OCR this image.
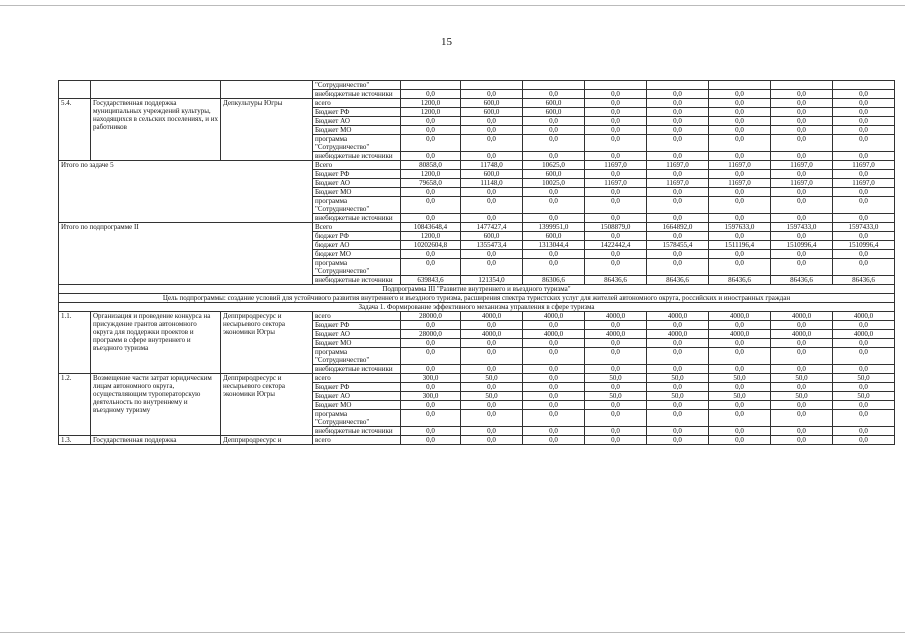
15
			"Сотрудничество"								
			внебюджетные источники	0,0	0,0	0,0	0,0	0,0	0,0	0,0	0,0
5.4.	Государственная поддержка муниципальных учреждений культуры, находящихся в сельских поселениях, и их работников	Депкультуры Югры	всего	1200,0	600,0	600,0	0,0	0,0	0,0	0,0	0,0
			Бюджет РФ	1200,0	600,0	600,0	0,0	0,0	0,0	0,0	0,0
			Бюджет АО	0,0	0,0	0,0	0,0	0,0	0,0	0,0	0,0
			Бюджет МО	0,0	0,0	0,0	0,0	0,0	0,0	0,0	0,0
			программа "Сотрудничество"	0,0	0,0	0,0	0,0	0,0	0,0	0,0	0,0
			внебюджетные источники	0,0	0,0	0,0	0,0	0,0	0,0	0,0	0,0
Итого по задаче 5			Всего	80858,0	11748,0	10625,0	11697,0	11697,0	11697,0	11697,0	11697,0
			Бюджет РФ	1200,0	600,0	600,0	0,0	0,0	0,0	0,0	0,0
			Бюджет АО	79658,0	11148,0	10025,0	11697,0	11697,0	11697,0	11697,0	11697,0
			Бюджет МО	0,0	0,0	0,0	0,0	0,0	0,0	0,0	0,0
			программа "Сотрудничество"	0,0	0,0	0,0	0,0	0,0	0,0	0,0	0,0
			внебюджетные источники	0,0	0,0	0,0	0,0	0,0	0,0	0,0	0,0
Итого по подпрограмме II			Всего	10843648,4	1477427,4	1399951,0	1508879,0	1664892,0	1597633,0	1597433,0	1597433,0
			бюджет РФ	1200,0	600,0	600,0	0,0	0,0	0,0	0,0	0,0
			бюджет АО	10202604,8	1355473,4	1313044,4	1422442,4	1578455,4	1511196,4	1510996,4	1510996,4
			бюджет МО	0,0	0,0	0,0	0,0	0,0	0,0	0,0	0,0
			программа "Сотрудничество"	0,0	0,0	0,0	0,0	0,0	0,0	0,0	0,0
			внебюджетные источники	639843,6	121354,0	86306,6	86436,6	86436,6	86436,6	86436,6	86436,6
Подпрограмма III "Развитие внутреннего и въездного туризма"											
Цель подпрограммы: создание условий для устойчивого развития внутреннего и въездного туризма, расширения спектра туристских услуг для жителей автономного округа, российских и иностранных граждан											
Задача 1. Формирование эффективного механизма управления в сфере туризма											
1.1.	Организация и проведение конкурса на присуждение грантов автономного округа для поддержки проектов и программ в сфере внутреннего и въездного туризма	Депприродресурс и несырьевого сектора экономики Югры	всего	28000,0	4000,0	4000,0	4000,0	4000,0	4000,0	4000,0	4000,0
			Бюджет РФ	0,0	0,0	0,0	0,0	0,0	0,0	0,0	0,0
			Бюджет АО	28000,0	4000,0	4000,0	4000,0	4000,0	4000,0	4000,0	4000,0
			Бюджет МО	0,0	0,0	0,0	0,0	0,0	0,0	0,0	0,0
			программа "Сотрудничество"	0,0	0,0	0,0	0,0	0,0	0,0	0,0	0,0
			внебюджетные источники	0,0	0,0	0,0	0,0	0,0	0,0	0,0	0,0
1.2.	Возмещение части затрат юридическим лицам автономного округа, осуществляющим туроператорскую деятельность по внутреннему и въездному туризму	Депприродресурс и несырьевого сектора экономики Югры	всего	300,0	50,0	0,0	50,0	50,0	50,0	50,0	50,0
			Бюджет РФ	0,0	0,0	0,0	0,0	0,0	0,0	0,0	0,0
			Бюджет АО	300,0	50,0	0,0	50,0	50,0	50,0	50,0	50,0
			Бюджет МО	0,0	0,0	0,0	0,0	0,0	0,0	0,0	0,0
			программа "Сотрудничество"	0,0	0,0	0,0	0,0	0,0	0,0	0,0	0,0
			внебюджетные источники	0,0	0,0	0,0	0,0	0,0	0,0	0,0	0,0
1.3.	Государственная поддержка	Депприродресурс и	всего	0,0	0,0	0,0	0,0	0,0	0,0	0,0	0,0
